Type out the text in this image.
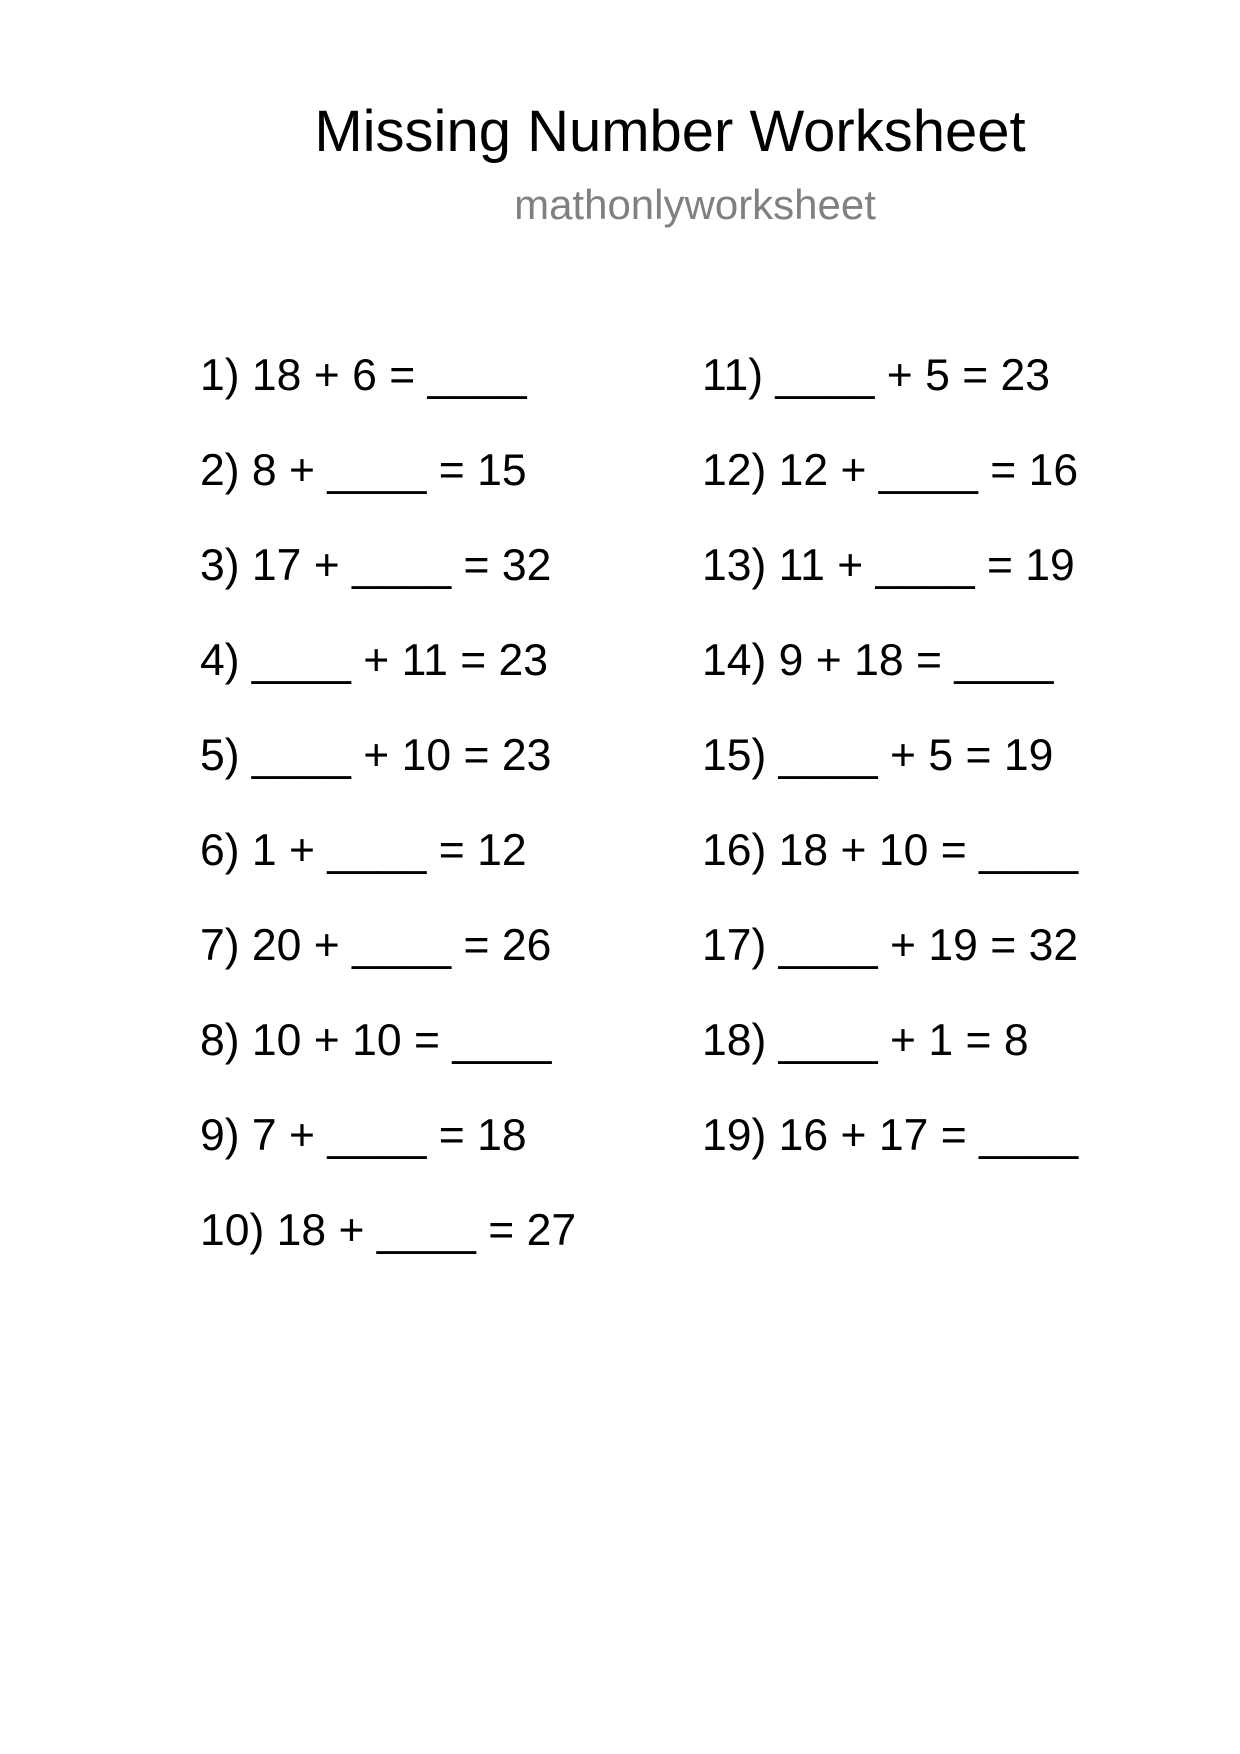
Missing Number Worksheet
mathonlyworksheet
1) 18 + 6 = ____
2) 8 + ____ = 15
3) 17 + ____ = 32
4) ____ + 11 = 23
5) ____ + 10 = 23
6) 1 + ____ = 12
7) 20 + ____ = 26
8) 10 + 10 = ____
9) 7 + ____ = 18
10) 18 + ____ = 27
11) ____ + 5 = 23
12) 12 + ____ = 16
13) 11 + ____ = 19
14) 9 + 18 = ____
15) ____ + 5 = 19
16) 18 + 10 = ____
17) ____ + 19 = 32
18) ____ + 1 = 8
19) 16 + 17 = ____
